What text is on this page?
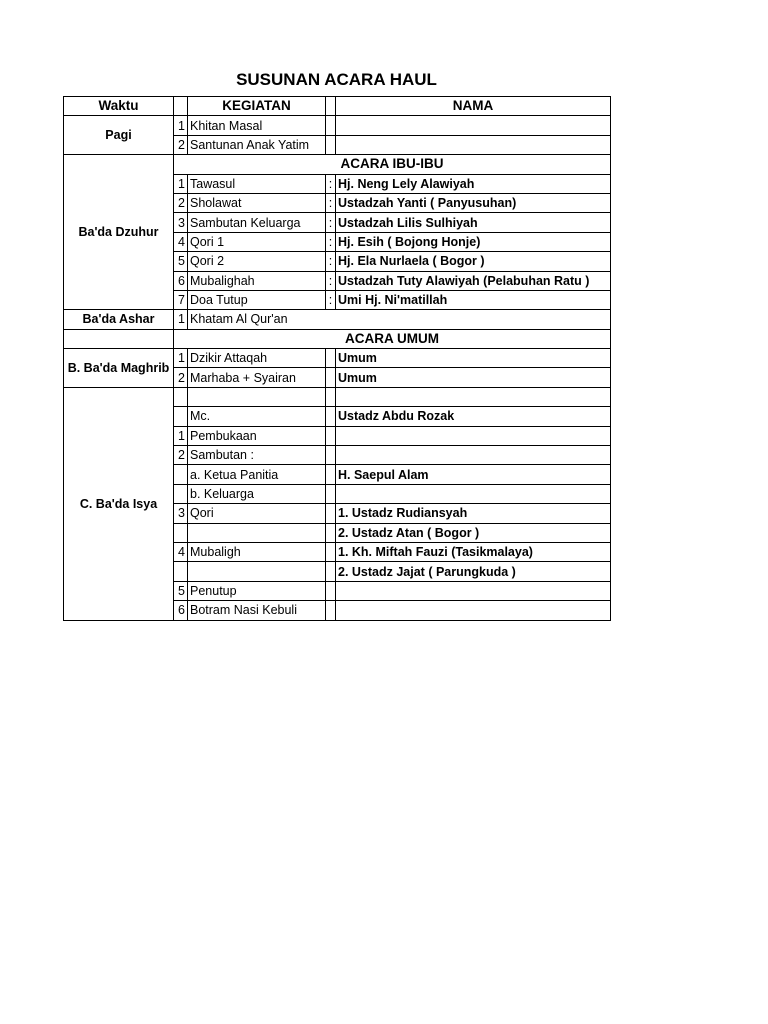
SUSUNAN ACARA HAUL
Waktu		KEGIATAN		NAMA
Pagi	1	Khitan Masal		
	2	Santunan Anak Yatim		
Ba'da Dzuhur	ACARA IBU-IBU			
	1	Tawasul	:	Hj. Neng Lely Alawiyah
	2	Sholawat	:	Ustadzah Yanti ( Panyusuhan)
	3	Sambutan Keluarga	:	Ustadzah Lilis Sulhiyah
	4	Qori 1	:	Hj. Esih ( Bojong Honje)
	5	Qori 2	:	Hj. Ela Nurlaela ( Bogor )
	6	Mubalighah	:	Ustadzah Tuty Alawiyah (Pelabuhan Ratu )
	7	Doa Tutup	:	Umi Hj. Ni'matillah
Ba'da Ashar	1	Khatam Al Qur'an		
	ACARA UMUM			
B. Ba'da Maghrib	1	Dzikir Attaqah		Umum
	2	Marhaba + Syairan		Umum
C. Ba'da Isya				
		Mc.		Ustadz Abdu Rozak
	1	Pembukaan		
	2	Sambutan :		
		a. Ketua Panitia		H. Saepul Alam
		b. Keluarga		
	3	Qori		1. Ustadz Rudiansyah
				2. Ustadz Atan ( Bogor )
	4	Mubaligh		1. Kh. Miftah Fauzi (Tasikmalaya)
				2. Ustadz Jajat ( Parungkuda )
	5	Penutup		
	6	Botram Nasi Kebuli		
